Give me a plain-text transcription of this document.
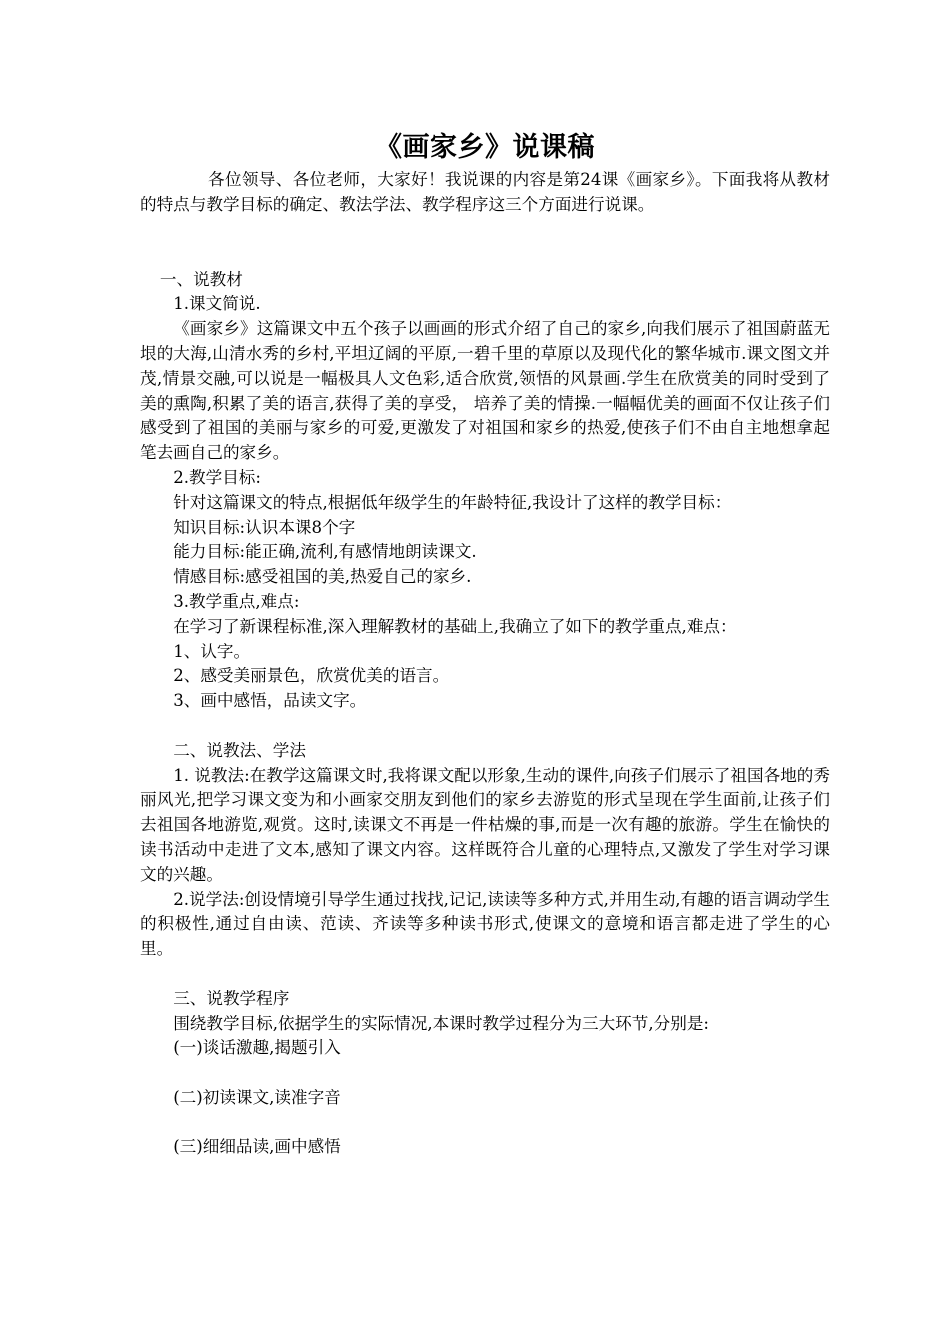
《画家乡》说课稿

各位领导、各位老师，大家好！我说课的内容是第24课《画家乡》。下面我将从教材的特点与教学目标的确定、教法学法、教学程序这三个方面进行说课。

一、说教材

1.课文简说.

《画家乡》这篇课文中五个孩子以画画的形式介绍了自己的家乡,向我们展示了祖国蔚蓝无垠的大海,山清水秀的乡村,平坦辽阔的平原,一碧千里的草原以及现代化的繁华城市.课文图文并茂,情景交融,可以说是一幅极具人文色彩,适合欣赏,领悟的风景画.学生在欣赏美的同时受到了美的熏陶,积累了美的语言,获得了美的享受， 培养了美的情操.一幅幅优美的画面不仅让孩子们感受到了祖国的美丽与家乡的可爱,更激发了对祖国和家乡的热爱,使孩子们不由自主地想拿起笔去画自己的家乡。

2.教学目标:

针对这篇课文的特点,根据低年级学生的年龄特征,我设计了这样的教学目标：

知识目标:认识本课8个字

能力目标:能正确,流利,有感情地朗读课文.

情感目标:感受祖国的美,热爱自己的家乡.

3.教学重点,难点:

在学习了新课程标准,深入理解教材的基础上,我确立了如下的教学重点,难点：

1、认字。

2、感受美丽景色，欣赏优美的语言。

3、画中感悟，品读文字。

二、说教法、学法

1. 说教法:在教学这篇课文时,我将课文配以形象,生动的课件,向孩子们展示了祖国各地的秀丽风光,把学习课文变为和小画家交朋友到他们的家乡去游览的形式呈现在学生面前,让孩子们去祖国各地游览,观赏。这时,读课文不再是一件枯燥的事,而是一次有趣的旅游。学生在愉快的读书活动中走进了文本,感知了课文内容。这样既符合儿童的心理特点,又激发了学生对学习课文的兴趣。

2.说学法:创设情境引导学生通过找找,记记,读读等多种方式,并用生动,有趣的语言调动学生的积极性,通过自由读、范读、齐读等多种读书形式,使课文的意境和语言都走进了学生的心里。

三、说教学程序

围绕教学目标,依据学生的实际情况,本课时教学过程分为三大环节,分别是:

(一)谈话激趣,揭题引入

(二)初读课文,读准字音

(三)细细品读,画中感悟
